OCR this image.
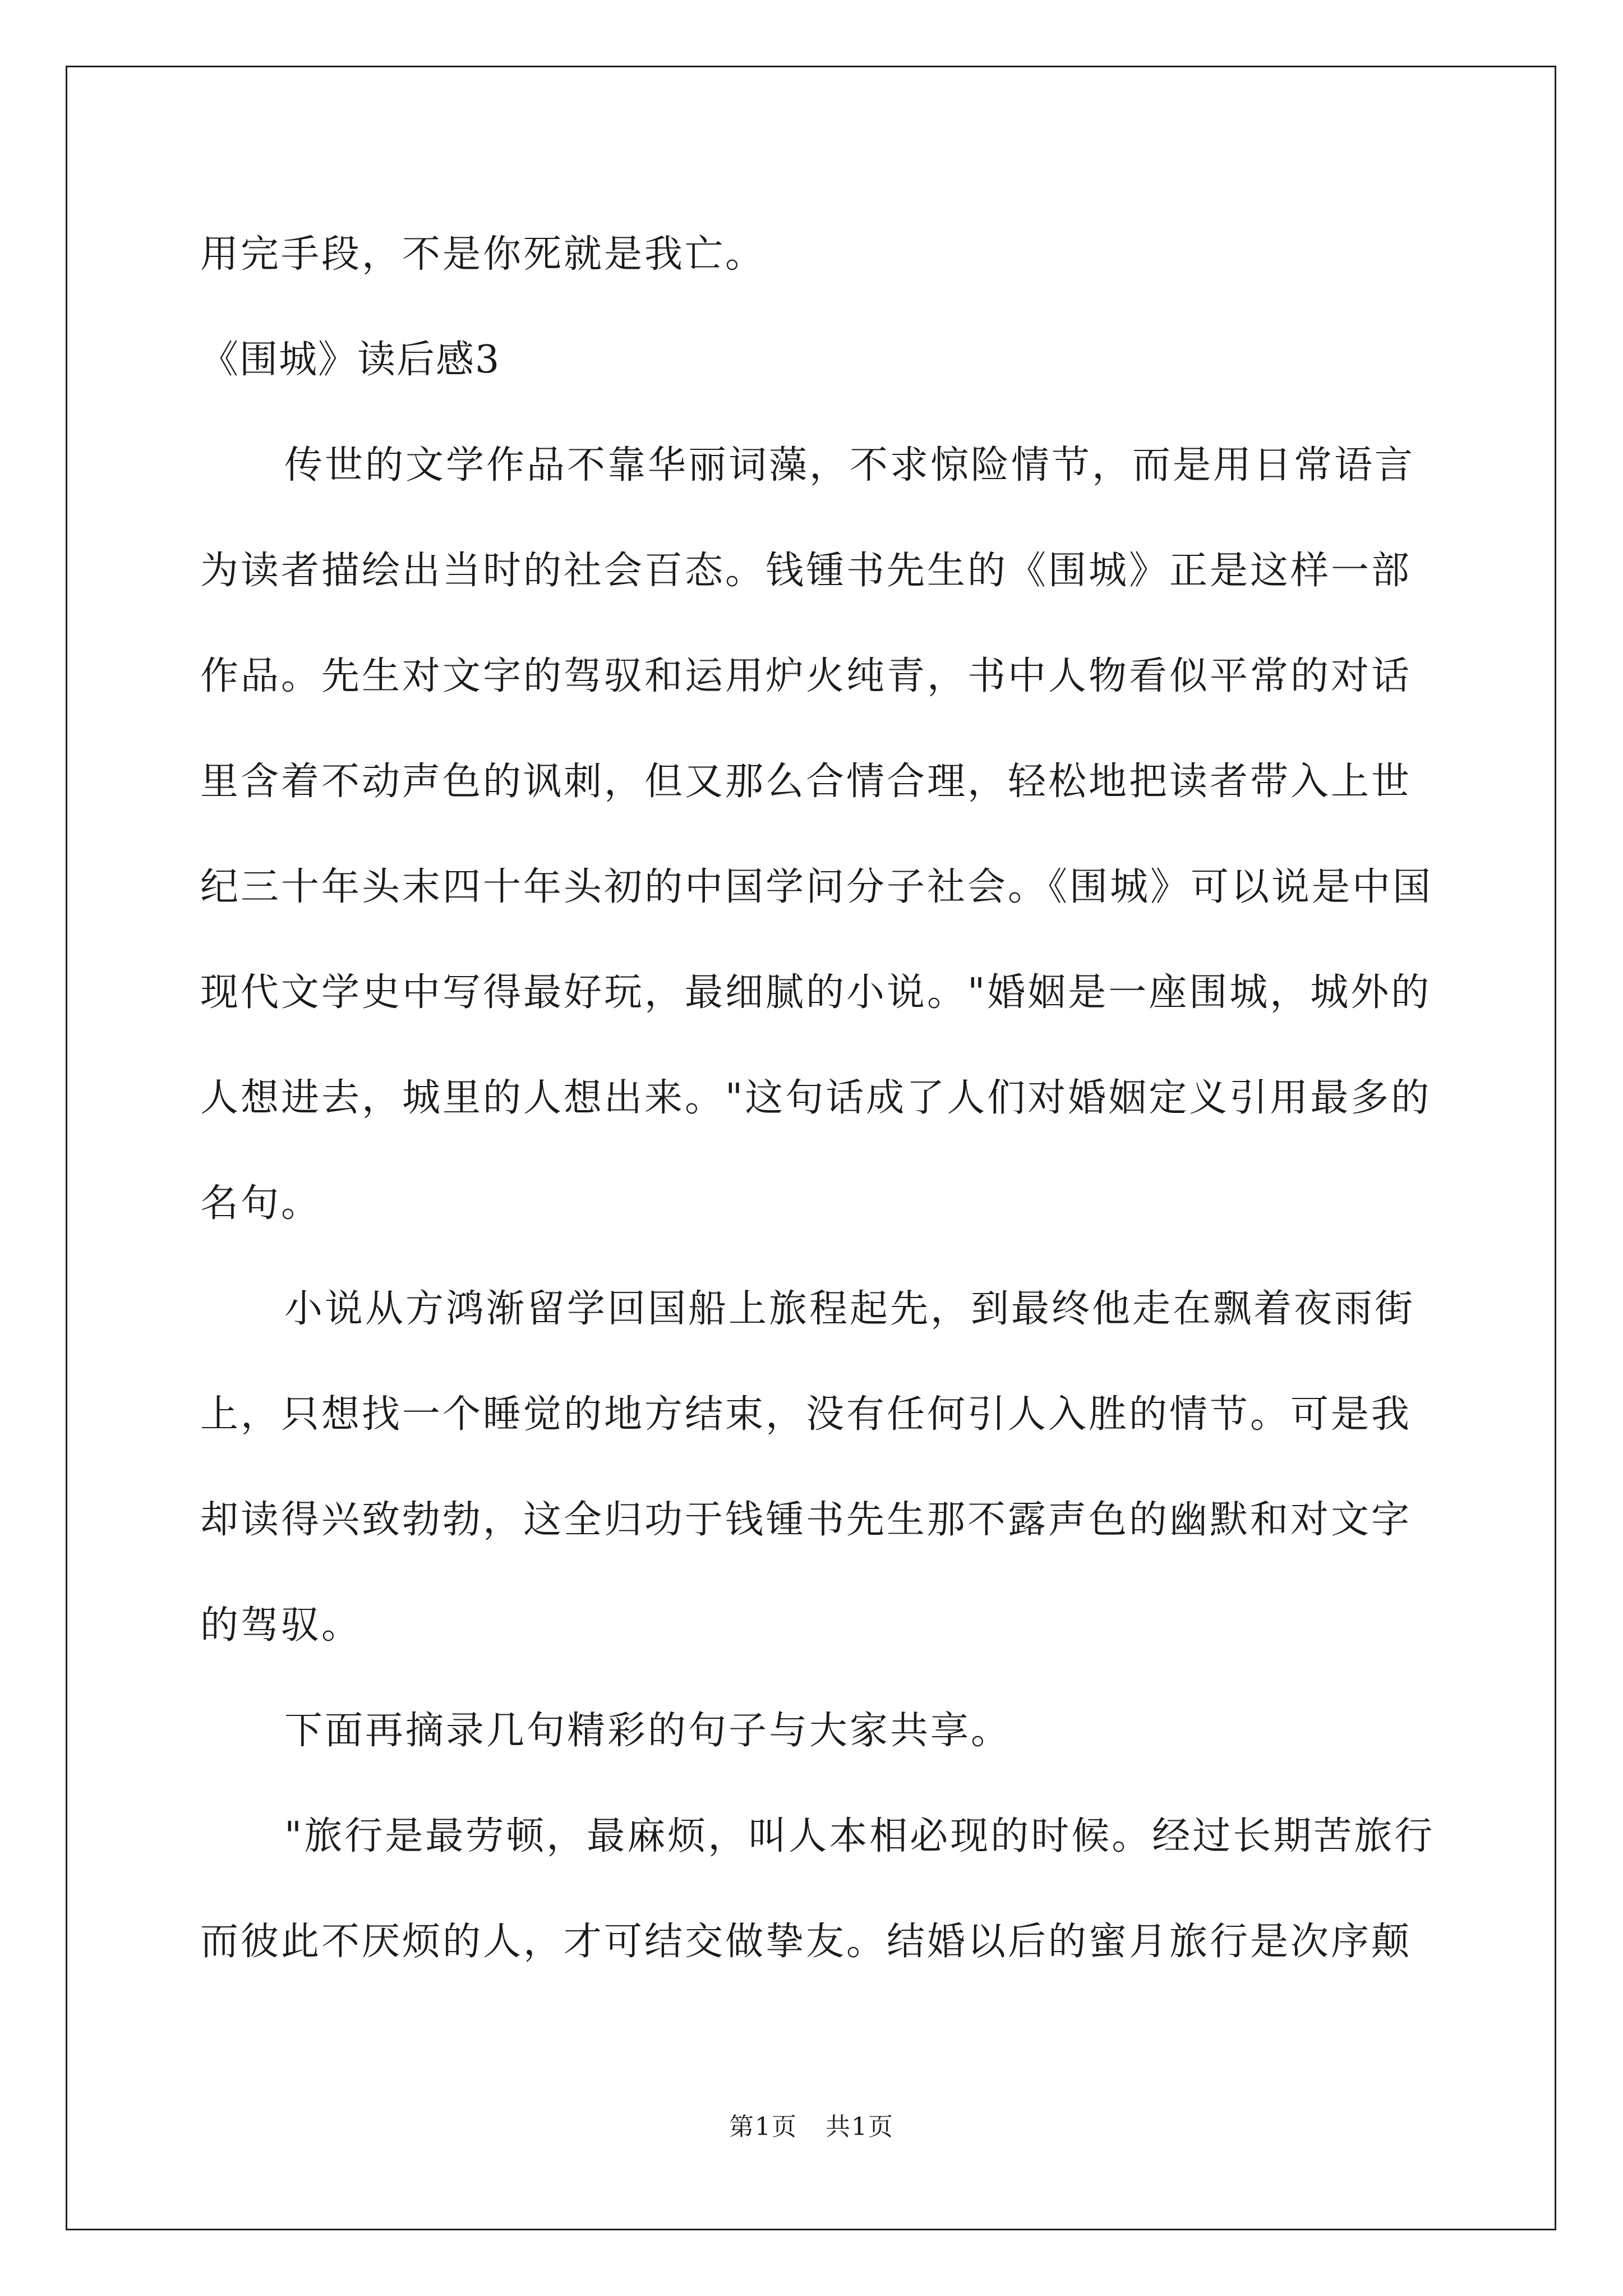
用完手段，不是你死就是我亡。
《围城》读后感3
传世的文学作品不靠华丽词藻，不求惊险情节，而是用日常语言
为读者描绘出当时的社会百态。钱锺书先生的《围城》正是这样一部
作品。先生对文字的驾驭和运用炉火纯青，书中人物看似平常的对话
里含着不动声色的讽刺，但又那么合情合理，轻松地把读者带入上世
纪三十年头末四十年头初的中国学问分子社会。《围城》可以说是中国
现代文学史中写得最好玩，最细腻的小说。"婚姻是一座围城，城外的
人想进去，城里的人想出来。"这句话成了人们对婚姻定义引用最多的
名句。
小说从方鸿渐留学回国船上旅程起先，到最终他走在飘着夜雨街
上，只想找一个睡觉的地方结束，没有任何引人入胜的情节。可是我
却读得兴致勃勃，这全归功于钱锺书先生那不露声色的幽默和对文字
的驾驭。
下面再摘录几句精彩的句子与大家共享。
"旅行是最劳顿，最麻烦，叫人本相必现的时候。经过长期苦旅行
而彼此不厌烦的人，才可结交做挚友。结婚以后的蜜月旅行是次序颠
第1页 共1页
